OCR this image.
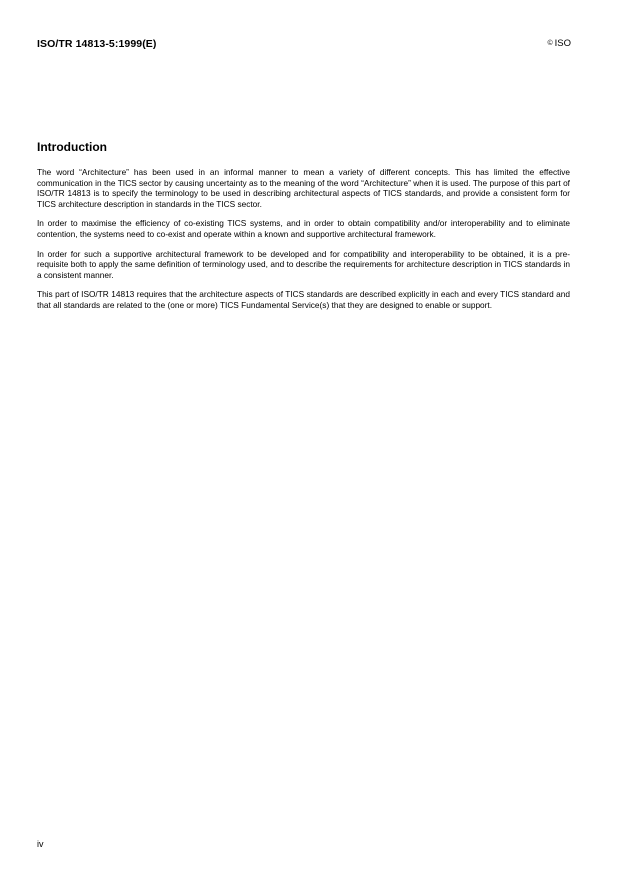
ISO/TR 14813-5:1999(E)	© ISO
Introduction

The word “Architecture” has been used in an informal manner to mean a variety of different concepts. This has limited the effective communication in the TICS sector by causing uncertainty as to the meaning of the word “Architecture” when it is used. The purpose of this part of ISO/TR 14813 is to specify the terminology to be used in describing architectural aspects of TICS standards, and provide a consistent form for TICS architecture description in standards in the TICS sector.

In order to maximise the efficiency of co-existing TICS systems, and in order to obtain compatibility and/or interoperability and to eliminate contention, the systems need to co-exist and operate within a known and supportive architectural framework.

In order for such a supportive architectural framework to be developed and for compatibility and interoperability to be obtained, it is a pre-requisite both to apply the same definition of terminology used, and to describe the requirements for architecture description in TICS standards in a consistent manner.

This part of ISO/TR 14813 requires that the architecture aspects of TICS standards are described explicitly in each and every TICS standard and that all standards are related to the (one or more) TICS Fundamental Service(s) that they are designed to enable or support.

iv
